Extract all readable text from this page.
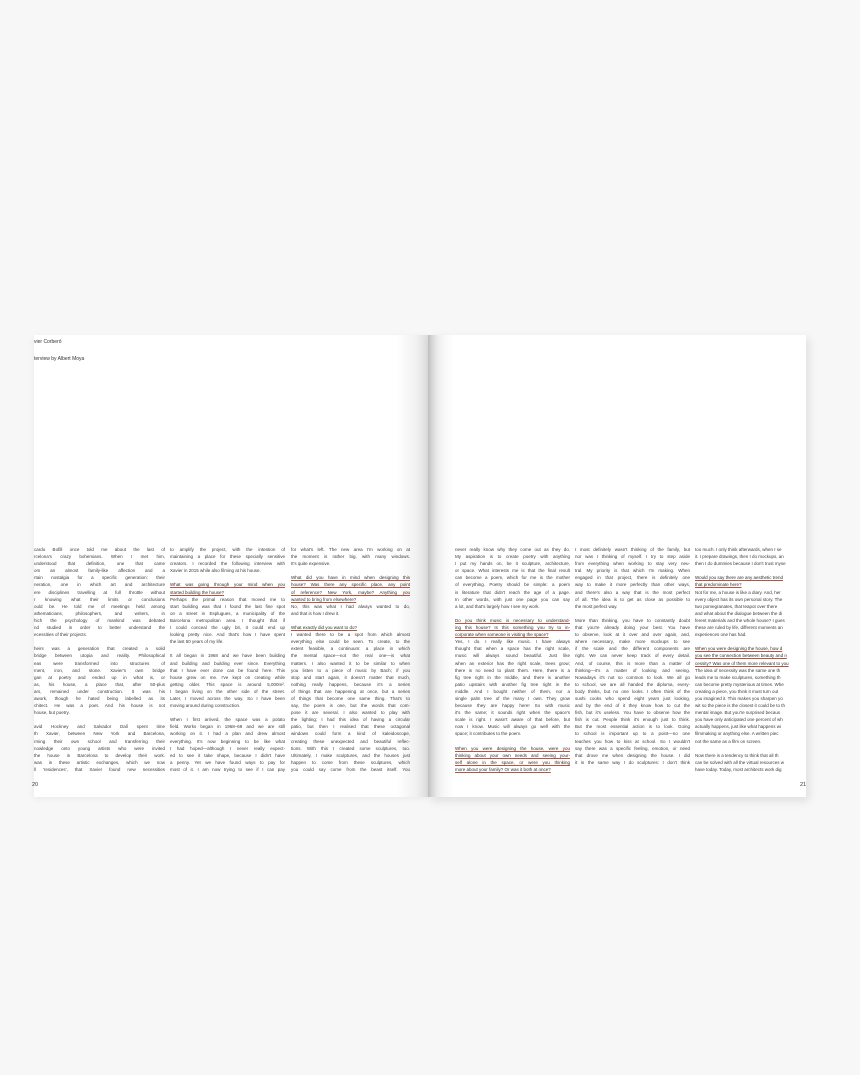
vier Corberó
terview by Albert Moya
cardo Bofill once told me about the last of
rcelona's crazy bohemians. When I met him,
understood that definition, one that came
om an almost family-like affection and a
rtain nostalgia for a specific generation: their
neration, one in which art and architecture
ere disciplines travelling at full throttle without
r knowing what their limits or conclusions
ould be. He told me of meetings held among
athematicians, philosophers, and writers, in
hich the psychology of mankind was debated
nd studied in order to better understand the
ecessities of their projects.
heirs was a generation that created a solid
bridge between utopia and reality. Philosophical
eas were transformed into structures of
ment, iron, and stone. Xavier's own bridge
gan at poetry and ended up in what is, or
as, his house, a place that, after 50-plus
ars, remained under construction. It was his
awork, though he hated being labelled as its
chitect. He was a poet. And his house is not
house, but poetry.
avid Hockney and Salvador Dalí spent time
th Xavier, between New York and Barcelona,
rming their own school and transferring their
nowledge onto young artists who were invited
the house in Barcelona to develop their work.
was in these artistic exchanges, which we now
ll 'residences', that Xavier found new necessities
to amplify the project, with the intention of
maintaining a place for these specially sensitive
creators. I recorded the following interview with
Xavier in 2015 while also filming at his house.
What was going through your mind when you
started building the house?
Perhaps the primal reason that moved me to
start building was that I found the last fine spot
on a street in Esplugues, a municipality of the
Barcelona metropolitan area. I thought that if
I could conceal the ugly bit, it could end up
looking pretty nice. And that's how I have spent
the last 50 years of my life.
It all began in 1968 and we have been building
and building and building ever since. Everything
that I have ever done can be found here. This
house grew on me. I've kept on creating while
getting older. This space is around 5,000m².
I began living on the other side of the street.
Later, I moved across the way. So I have been
moving around during construction.
When I first arrived, the space was a potato
field. Works began in 1968–69 and we are still
working on it. I had a plan and drew almost
everything. It's now beginning to be like what
I had hoped—although I never really expect-
ed to see it take shape, because I didn't have
a penny. Yet we have found ways to pay for
most of it. I am now trying to see if I can pay
for what's left. The new area I'm working on at
the moment is rather big, with many windows.
It's quite expensive.
What did you have in mind when designing this
house? Was there any specific place, any point
of reference? New York, maybe? Anything you
wanted to bring from elsewhere?
No, this was what I had always wanted to do,
and that is how I drew it.
What exactly did you want to do?
I wanted there to be a spot from which almost
everything else could be seen. To create, to the
extent feasible, a continuum: a place in which
the mental space—not the real one—is what
matters. I also wanted it to be similar to when
you listen to a piece of music by Bach; if you
stop and start again, it doesn't matter that much,
nothing really happens, because it's a series
of things that are happening at once, but a series
of things that become one same thing. That's to
say, the poem is one, but the words that com-
pose it are several. I also wanted to play with
the lighting; I had this idea of having a circular
patio, but then I realised that these octagonal
windows could form a kind of kaleidoscope,
creating these unexpected and beautiful reflec-
tions. With this I created some sculptures, too.
Ultimately, I make sculptures, and the houses just
happen to come from these sculptures, which
you could say come from the beast itself. You
20
never really know why they come out as they do.
My aspiration is to create poetry with anything
I put my hands on, be it sculpture, architecture,
or space. What interests me is that the final result
can become a poem, which for me is the mother
of everything. Poetry should be simple: a poem
is literature that didn't reach the age of a page.
In other words, with just one page you can say
a lot, and that's largely how I see my work.
Do you think music is necessary to understand-
ing this house? Is this something you try to in-
corporate when someone is visiting the space?
Yes, I do. I really like music. I have always
thought that when a space has the right scale,
music will always sound beautiful. Just like
when an exterior has the right scale, trees grow;
there is no need to plant them. Here, there is a
fig tree right in the middle, and there is another
patio upstairs with another fig tree right in the
middle. And I bought neither of them, nor a
single palm tree of the many I own. They grow
because they are happy here! So with music
it's the same; it sounds right when the space's
scale is right. I wasn't aware of that before, but
now I know. Music will always go well with the
space; it contributes to the poem.
When you were designing the house, were you
thinking about your own needs and seeing your-
self alone in the space, or were you thinking
more about your family? Or was it both at once?
I most definitely wasn't thinking of the family, but
nor was I thinking of myself. I try to step aside
from everything when working to stay very neu-
tral. My priority is that which I'm making. When
engaged in that project, there is definitely one
way to make it more perfectly than other ways,
and there's also a way that is the most perfect
of all. The idea is to get as close as possible to
the most perfect way.
More than thinking, you have to constantly doubt
that you're already doing your best. You have
to observe, look at it over and over again, and,
where necessary, make more mockups to see
if the scale and the different components are
right. We can never keep track of every detail.
And, of course, this is more than a matter of
thinking—it's a matter of looking and seeing.
Nowadays it's not so common to look. We all go
to school, we are all handed the diploma, every-
body thinks, but no one looks. I often think of the
sushi cooks who spend eight years just looking,
and by the end of it they know how to cut the
fish, but it's useless. You have to observe how the
fish is cut. People think it's enough just to think.
But the most essential action is to look. Going
to school is important up to a point—no one
teaches you how to kiss at school. So I wouldn't
say there was a specific feeling, emotion, or need
that drove me when designing the house. I did
it in the same way I do sculptures: I don't think
too much. I only think afterwards, when I se
it. I prepare drawings, then I do mockups, an
then I do dummies because I don't trust myse
Would you say there are any aesthetic trend
that predominate here?
Not for me, a house is like a diary. And, her
every object has its own personal story. The
two pomegranates, that teapot over there
and what about the dialogue between the di
ferent materials and the whole house? I gues
these are ruled by life, different moments an
experiences one has had.
When you were designing the house, how d
you see the connection between beauty and n
cessity? Was one of them more relevant to you
The idea of necessity was the same one th
leads me to make sculptures, something th
can become pretty mysterious at times. Whe
creating a piece, you think it must turn out
you imagined it. This makes you sharpen yo
wit so the piece is the closest it could be to th
mental image. But you're surprised becaus
you have only anticipated one percent of wh
actually happens, just like what happens wi
filmmaking or anything else. A written piec
not the same as a film on screen.
Now there is a tendency to think that all th
can be solved with all the virtual resources w
have today. Today, most architects work dig
21
